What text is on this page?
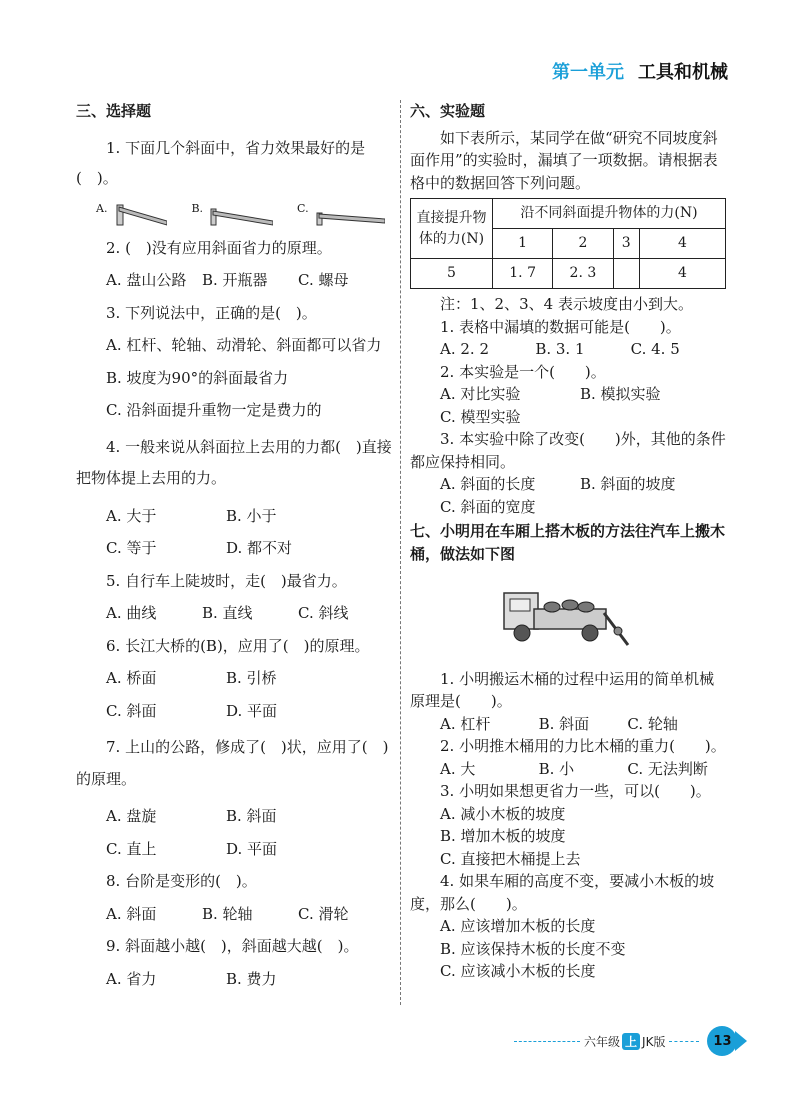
第一单元 工具和机械
三、选择题
1. 下面几个斜面中，省力效果最好的是(　)。
A.	B.	C.
2. (　)没有应用斜面省力的原理。
A. 盘山公路	B. 开瓶器	C. 螺母
3. 下列说法中，正确的是(　)。
A. 杠杆、轮轴、动滑轮、斜面都可以省力
B. 坡度为90°的斜面最省力
C. 沿斜面提升重物一定是费力的
4. 一般来说从斜面拉上去用的力都(　)直接把物体提上去用的力。
A. 大于	B. 小于
C. 等于	D. 都不对
5. 自行车上陡坡时，走(　)最省力。
A. 曲线	B. 直线	C. 斜线
6. 长江大桥的(B)，应用了(　)的原理。
A. 桥面	B. 引桥
C. 斜面	D. 平面
7. 上山的公路，修成了(　)状，应用了(　)的原理。
A. 盘旋	B. 斜面
C. 直上	D. 平面
8. 台阶是变形的(　)。
A. 斜面	B. 轮轴	C. 滑轮
9. 斜面越小越(　)，斜面越大越(　)。
A. 省力	B. 费力
六、实验题
如下表所示，某同学在做“研究不同坡度斜面作用”的实验时，漏填了一项数据。请根据表格中的数据回答下列问题。
直接提升物体的力(N)	沿不同斜面提升物体的力(N)			
	1	2	3	4
5	1. 7	2. 3		4
注：1、2、3、4 表示坡度由小到大。
1. 表格中漏填的数据可能是(　　)。
A. 2. 2	B. 3. 1	C. 4. 5
2. 本实验是一个(　　)。
A. 对比实验	B. 模拟实验
C. 模型实验
3. 本实验中除了改变(　　)外，其他的条件都应保持相同。
A. 斜面的长度	B. 斜面的坡度
C. 斜面的宽度
七、小明用在车厢上搭木板的方法往汽车上搬木桶，做法如下图
1. 小明搬运木桶的过程中运用的简单机械原理是(　　)。
A. 杠杆	B. 斜面	C. 轮轴
2. 小明推木桶用的力比木桶的重力(　　)。
A. 大	B. 小	C. 无法判断
3. 小明如果想更省力一些，可以(　　)。
A. 减小木板的坡度
B. 增加木板的坡度
C. 直接把木桶提上去
4. 如果车厢的高度不变，要减小木板的坡度，那么(　　)。
A. 应该增加木板的长度
B. 应该保持木板的长度不变
C. 应该减小木板的长度
六年级 上 JK版	13
